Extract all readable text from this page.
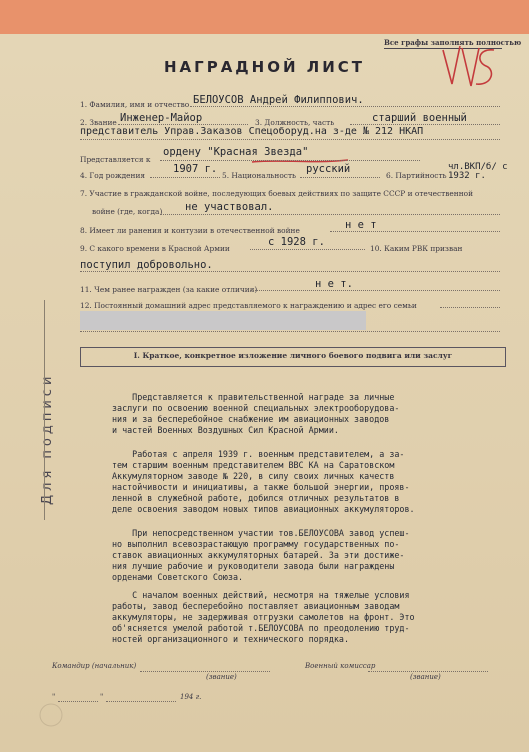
Все графы заполнять полностью
НАГРАДНОЙ ЛИСТ
1. Фамилия, имя и отчество БЕЛОУСОВ Андрей Филиппович.
2. Звание Инженер-Майор	3. Должность, часть	старший военный
представитель Управ.Заказов Спецоборуд.на з-де № 212 НКАП
Представляется к
ордену "Красная Звезда"
4. Год рождения
1907 г.
5. Национальность
русский
6. Партийность
чл.ВКП/б/ с 1932 г.
7. Участие в гражданской войне, последующих боевых действиях по защите СССР и отечественной
войне (где, когда) не участвовал.
8. Имеет ли ранения и контузии в отечественной войне	н е т
9. С какого времени в Красной Армии
с 1928 г.
10. Каким РВК призван
поступил добровольно.
11. Чем ранее награжден (за какие отличия)	н е т.
12. Постоянный домашний адрес представляемого к награждению и адрес его семьи
Для подписи
I. Краткое, конкретное изложение личного боевого подвига или заслуг
Представляется к правительственной награде за личные
заслуги по освоению военной специальных электрооборудова-
ния и за бесперебойное снабжение им авиационных заводов
и частей Военных Воздушных Сил Красной Армии.
Работая с апреля 1939 г. военным представителем, а за-
тем старшим военным представителем ВВС КА на Саратовском
Аккумуляторном заводе № 220, в силу своих личных качеств
настойчивости и инициативы, а также большой энергии, прояв-
ленной в служебной работе, добился отличных результатов в
деле освоения заводом новых типов авиационных аккумуляторов.
При непосредственном участии тов.БЕЛОУСОВА завод успеш-
но выполнил всевозрастающую программу государственных по-
ставок авиационных аккумуляторных батарей. За эти достиже-
ния лучшие рабочие и руководители завода были награждены
орденами Советского Союза.
С началом военных действий, несмотря на тяжелые условия
работы, завод бесперебойно поставляет авиационным заводам
аккумуляторы, не задерживая отгрузки самолетов на фронт. Это
об'ясняется умелой работой т.БЕЛОУСОВА по преодолению труд-
ностей организационного и технического порядка.
Командир (начальник)
(звание)
Военный комиссар
(звание)
"	"	194 г.
